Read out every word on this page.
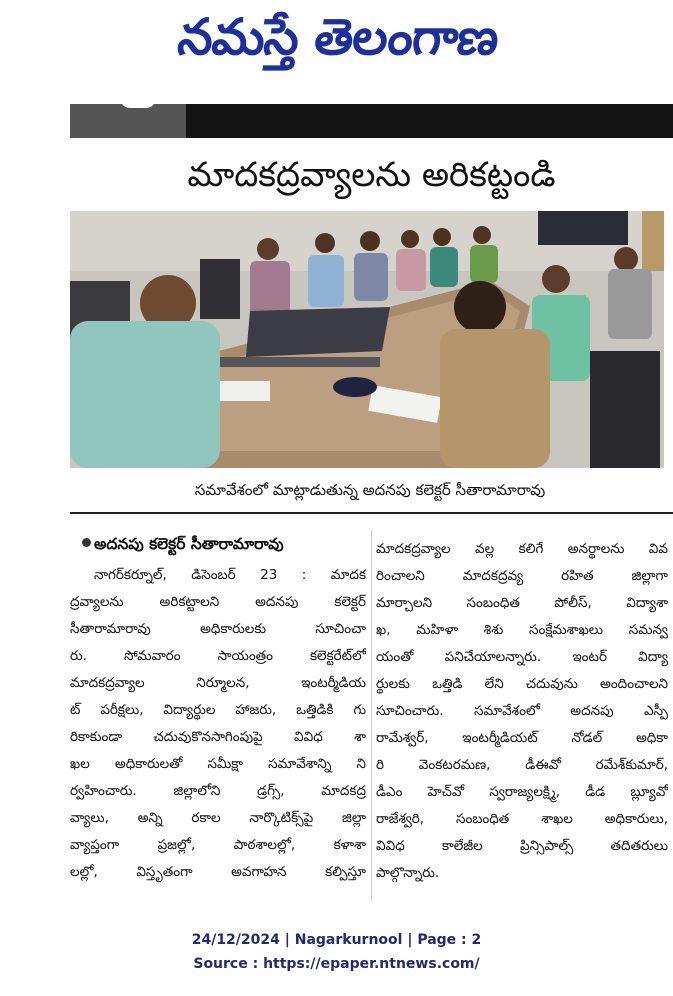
నమస్తే తెలంగాణ
మాదకద్రవ్యాలను అరికట్టండి
సమావేశంలో మాట్లాడుతున్న అదనపు కలెక్టర్ సీతారామారావు
అదనపు కలెక్టర్ సీతారామారావు
నాగర్‌కర్నూల్, డిసెంబర్ 23 : మాదక
ద్రవ్యాలను అరికట్టాలని అదనపు కలెక్టర్
సీతారామారావు అధికారులకు సూచించా
రు. సోమవారం సాయంత్రం కలెక్టరేట్‌లో
మాదకద్రవ్యాల నిర్మూలన, ఇంటర్మీడియ
ట్ పరీక్షలు, విద్యార్థుల హాజరు, ఒత్తిడికి గు
రికాకుండా చదువుకొనసాగింపుపై వివిధ శా
ఖల అధికారులతో సమీక్షా సమావేశాన్ని ని
ర్వహించారు. జిల్లాలోని డ్రగ్స్, మాదకద్ర
వ్యాలు, అన్ని రకాల నార్కొటిక్స్‌పై జిల్లా
వ్యాప్తంగా ప్రజల్లో, పాఠశాలల్లో, కళాశా
లల్లో, విస్తృతంగా అవగాహన కల్పిస్తూ
మాదకద్రవ్యాల వల్ల కలిగే అనర్థాలను వివ
రించాలని మాదకద్రవ్య రహిత జిల్లాగా
మార్చాలని సంబంధిత పోలీస్, విద్యాశా
ఖ, మహిళా శిశు సంక్షేమశాఖలు సమన్వ
యంతో పనిచేయాలన్నారు. ఇంటర్ విద్యా
ర్థులకు ఒత్తిడి లేని చదువును అందించాలని
సూచించారు. సమావేశంలో అదనపు ఎస్పీ
రామేశ్వర్, ఇంటర్మీడియట్ నోడల్ అధికా
రి వెంకటరమణ, డీఈవో రమేశ్‌కుమార్,
డీఎం హెచ్‌వో స్వరాజ్యలక్ష్మి, డీడ బ్ల్యూవో
రాజేశ్వరి, సంబంధిత శాఖల అధికారులు,
వివిధ కాలేజీల ప్రిన్సిపాల్స్ తదితరులు
పాల్గొన్నారు.
24/12/2024 | Nagarkurnool | Page : 2
Source : https://epaper.ntnews.com/
